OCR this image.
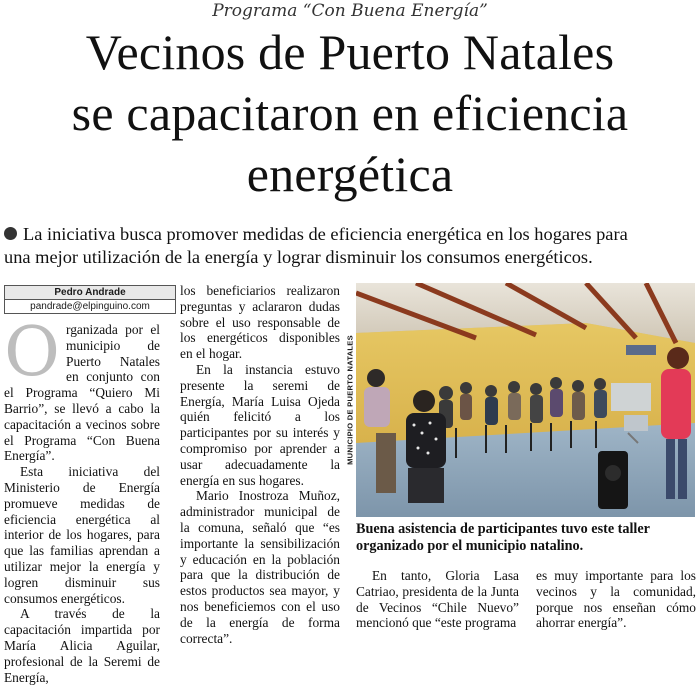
Programa “Con Buena Energía”
Vecinos de Puerto Natales
se capacitaron en eficiencia
energética
La iniciativa busca promover medidas de eficiencia energética en los hogares para
una mejor utilización de la energía y lograr disminuir los consumos energéticos.
Pedro Andrade
pandrade@elpinguino.com

Organizada por el municipio de Puerto Natales en conjunto con el Programa “Quiero Mi Barrio”, se llevó a cabo la capacitación a vecinos sobre el Programa “Con Buena Energía”.

Esta iniciativa del Ministerio de Energía promueve medidas de eficiencia energética al interior de los hogares, para que las familias aprendan a utilizar mejor la energía y logren disminuir sus consumos energéticos.

A través de la capacitación impartida por María Alicia Aguilar, profesional de la Seremi de Energía,

los beneficiarios realizaron preguntas y aclararon dudas sobre el uso responsable de los energéticos disponibles en el hogar.

En la instancia estuvo presente la seremi de Energía, María Luisa Ojeda quién felicitó a los participantes por su interés y compromiso por aprender a usar adecuadamente la energía en sus hogares.

Mario Inostroza Muñoz, administrador municipal de la comuna, señaló que “es importante la sensibilización y educación en la población para que la distribución de estos productos sea mayor, y nos beneficiemos con el uso de la energía de forma correcta”.

MUNICIPIO DE PUERTO NATALES
Buena asistencia de participantes tuvo este taller organizado por el municipio natalino.

En tanto, Gloria Lasa Catriao, presidenta de la Junta de Vecinos “Chile Nuevo” mencionó que “este programa

es muy importante para los vecinos y la comunidad, porque nos enseñan cómo ahorrar energía”.
